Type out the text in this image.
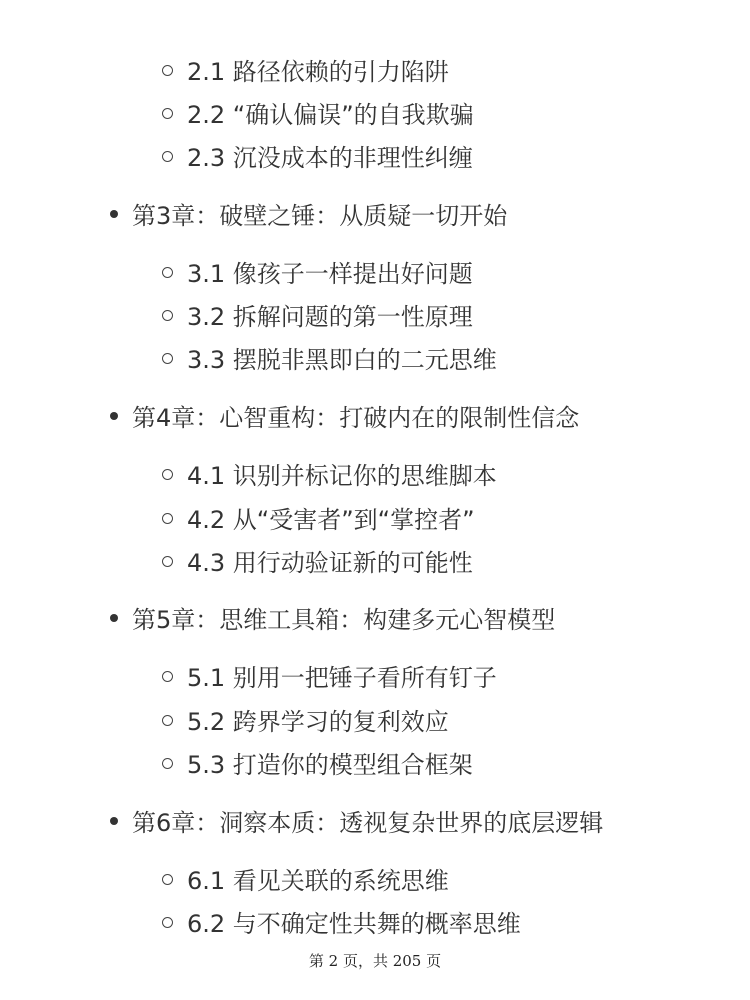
2.1 路径依赖的引力陷阱
2.2 “确认偏误”的自我欺骗
2.3 沉没成本的非理性纠缠
第3章：破壁之锤：从质疑一切开始
3.1 像孩子一样提出好问题
3.2 拆解问题的第一性原理
3.3 摆脱非黑即白的二元思维
第4章：心智重构：打破内在的限制性信念
4.1 识别并标记你的思维脚本
4.2 从“受害者”到“掌控者”
4.3 用行动验证新的可能性
第5章：思维工具箱：构建多元心智模型
5.1 别用一把锤子看所有钉子
5.2 跨界学习的复利效应
5.3 打造你的模型组合框架
第6章：洞察本质：透视复杂世界的底层逻辑
6.1 看见关联的系统思维
6.2 与不确定性共舞的概率思维
第 2 页，共 205 页
